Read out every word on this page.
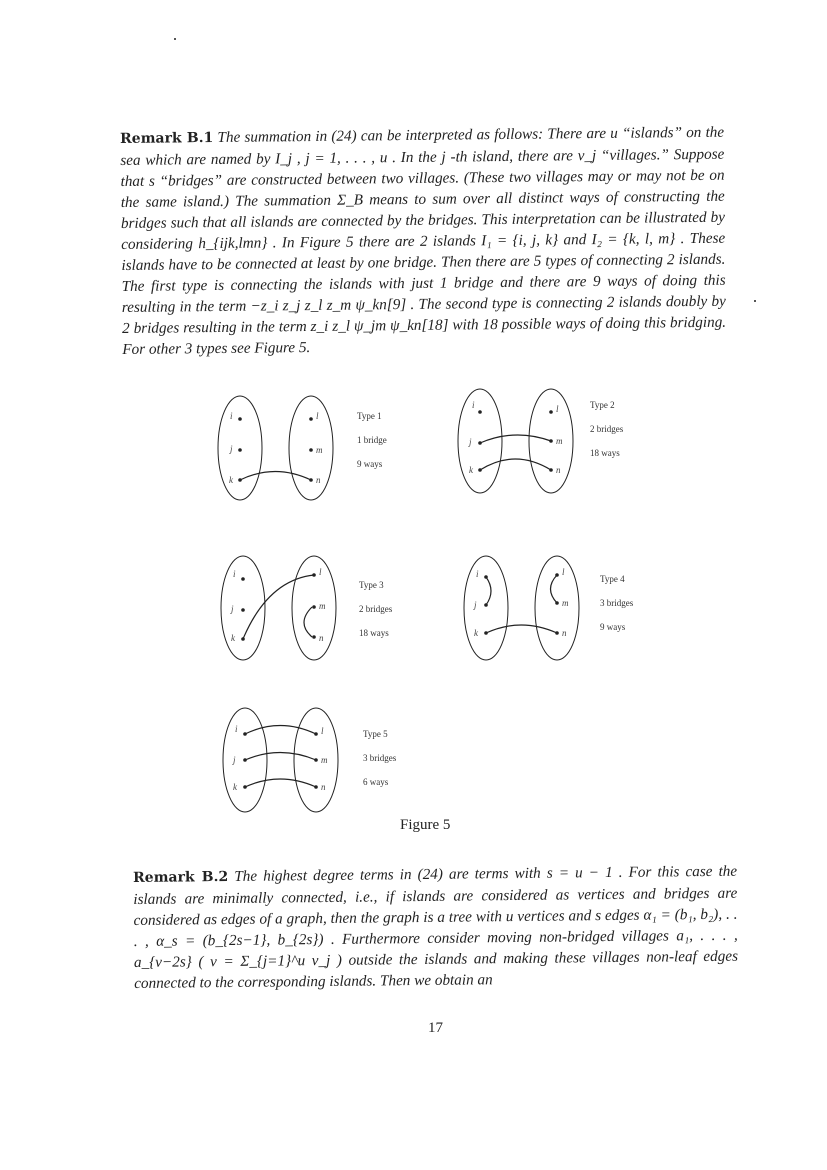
Remark B.1 The summation in (24) can be interpreted as follows: There are u “islands” on the sea which are named by I_j , j = 1, . . . , u . In the j -th island, there are v_j “villages.” Suppose that s “bridges” are constructed between two villages. (These two villages may or may not be on the same island.) The summation Σ_B means to sum over all distinct ways of constructing the bridges such that all islands are connected by the bridges. This interpretation can be illustrated by considering h_{ijk,lmn} . In Figure 5 there are 2 islands I₁ = {i, j, k} and I₂ = {k, l, m} . These islands have to be connected at least by one bridge. Then there are 5 types of connecting 2 islands. The first type is connecting the islands with just 1 bridge and there are 9 ways of doing this resulting in the term −z_i z_j z_l z_m ψ_kn[9] . The second type is connecting 2 islands doubly by 2 bridges resulting in the term z_i z_l ψ_jm ψ_kn[18] with 18 possible ways of doing this bridging. For other 3 types see Figure 5.
i
j
k
l
m
n
Type 1
1 bridge
9 ways
i
j
k
l
m
n
Type 2
2 bridges
18 ways
i
j
k
l
m
n
Type 3
2 bridges
18 ways
i
j
k
l
m
n
Type 4
3 bridges
9 ways
i
j
k
l
m
n
Type 5
3 bridges
6 ways
Figure 5
Remark B.2 The highest degree terms in (24) are terms with s = u − 1 . For this case the islands are minimally connected, i.e., if islands are considered as vertices and bridges are considered as edges of a graph, then the graph is a tree with u vertices and s edges α₁ = (b₁, b₂), . . . , α_s = (b_{2s−1}, b_{2s}) . Furthermore consider moving non-bridged villages a₁, . . . , a_{v−2s} ( v = Σ_{j=1}^u v_j ) outside the islands and making these villages non-leaf edges connected to the corresponding islands. Then we obtain an
17
